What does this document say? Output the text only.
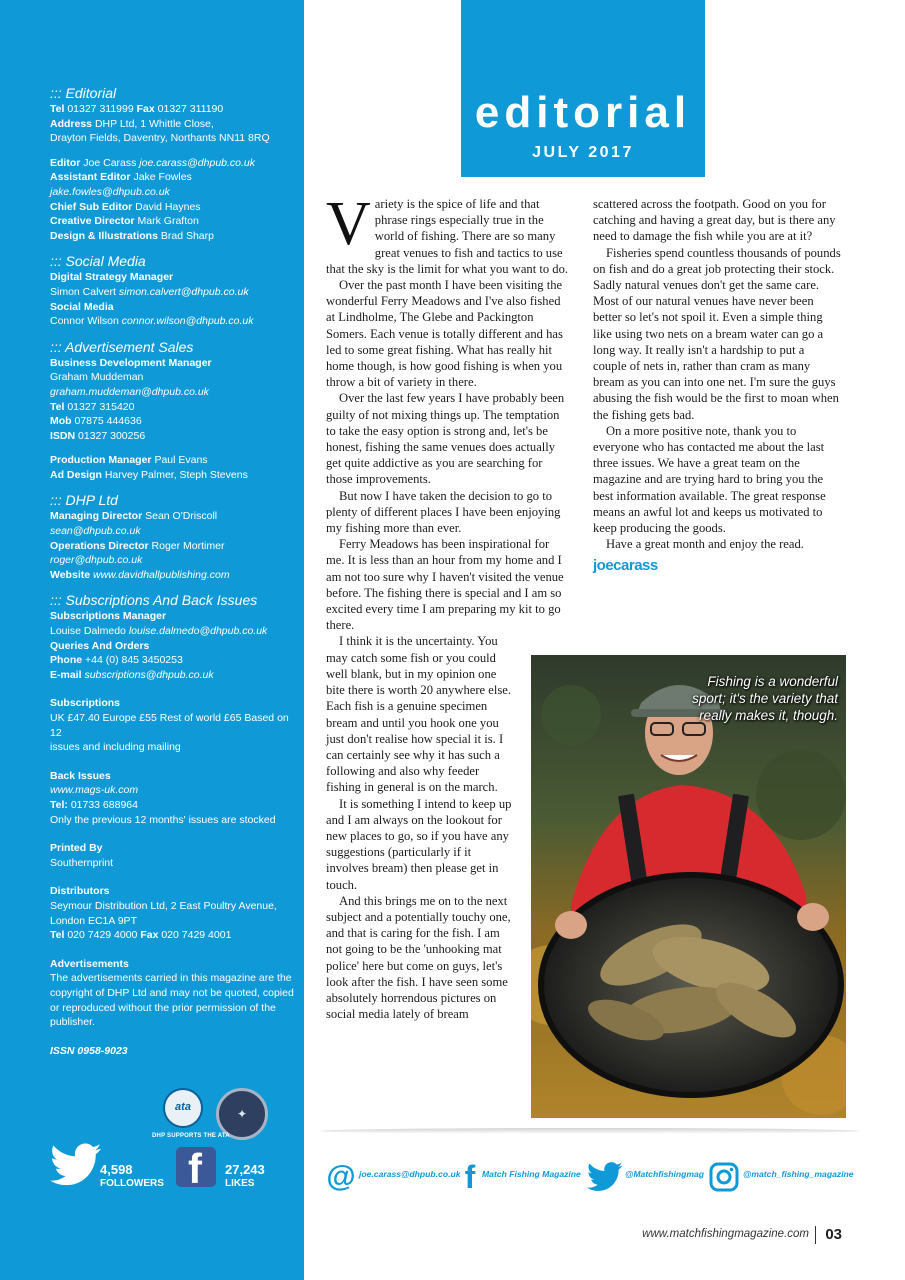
::: Editorial
Tel 01327 311999 Fax 01327 311190
Address DHP Ltd, 1 Whittle Close,
Drayton Fields, Daventry, Northants NN11 8RQ
Editor Joe Carass joe.carass@dhpub.co.uk
Assistant Editor Jake Fowles jake.fowles@dhpub.co.uk
Chief Sub Editor David Haynes
Creative Director Mark Grafton
Design & Illustrations Brad Sharp
::: Social Media
Digital Strategy Manager
Simon Calvert simon.calvert@dhpub.co.uk
Social Media
Connor Wilson connor.wilson@dhpub.co.uk
::: Advertisement Sales
Business Development Manager
Graham Muddeman graham.muddeman@dhpub.co.uk
Tel 01327 315420
Mob 07875 444636
ISDN 01327 300256
Production Manager Paul Evans
Ad Design Harvey Palmer, Steph Stevens
::: DHP Ltd
Managing Director Sean O'Driscoll sean@dhpub.co.uk
Operations Director Roger Mortimer roger@dhpub.co.uk
Website www.davidhallpublishing.com
::: Subscriptions And Back Issues
Subscriptions Manager
Louise Dalmedo louise.dalmedo@dhpub.co.uk
Queries And Orders
Phone +44 (0) 845 3450253
E-mail subscriptions@dhpub.co.uk
Subscriptions
UK £47.40 Europe £55 Rest of world £65 Based on 12
issues and including mailing
Back Issues
www.mags-uk.com
Tel: 01733 688964
Only the previous 12 months' issues are stocked
Printed By
Southernprint
Distributors
Seymour Distribution Ltd, 2 East Poultry Avenue,
London EC1A 9PT
Tel 020 7429 4000 Fax 020 7429 4001
Advertisements
The advertisements carried in this magazine are the
copyright of DHP Ltd and may not be quoted, copied
or reproduced without the prior permission of the
publisher.
ISSN 0958-9023
ata	✦
DHP SUPPORTS THE ATA
4,598
FOLLOWERS f 27,243
LIKES
editorial
JULY 2017

Variety is the spice of life and that phrase rings especially true in the world of fishing. There are so many great venues to fish and tactics to use that the sky is the limit for what you want to do.

Over the past month I have been visiting the wonderful Ferry Meadows and I've also fished at Lindholme, The Glebe and Packington Somers. Each venue is totally different and has led to some great fishing. What has really hit home though, is how good fishing is when you throw a bit of variety in there.

Over the last few years I have probably been guilty of not mixing things up. The temptation to take the easy option is strong and, let's be honest, fishing the same venues does actually get quite addictive as you are searching for those improvements.

But now I have taken the decision to go to plenty of different places I have been enjoying my fishing more than ever.

Ferry Meadows has been inspirational for me. It is less than an hour from my home and I am not too sure why I haven't visited the venue before. The fishing there is special and I am so excited every time I am preparing my kit to go there.

I think it is the uncertainty. You may catch some fish or you could well blank, but in my opinion one bite there is worth 20 anywhere else. Each fish is a genuine specimen bream and until you hook one you just don't realise how special it is. I can certainly see why it has such a following and also why feeder fishing in general is on the march.

It is something I intend to keep up and I am always on the lookout for new places to go, so if you have any suggestions (particularly if it involves bream) then please get in touch.

And this brings me on to the next subject and a potentially touchy one, and that is caring for the fish. I am not going to be the 'unhooking mat police' here but come on guys, let's look after the fish. I have seen some absolutely horrendous pictures on social media lately of bream

scattered across the footpath. Good on you for catching and having a great day, but is there any need to damage the fish while you are at it?

Fisheries spend countless thousands of pounds on fish and do a great job protecting their stock. Sadly natural venues don't get the same care. Most of our natural venues have never been better so let's not spoil it. Even a simple thing like using two nets on a bream water can go a long way. It really isn't a hardship to put a couple of nets in, rather than cram as many bream as you can into one net. I'm sure the guys abusing the fish would be the first to moan when the fishing gets bad.

On a more positive note, thank you to everyone who has contacted me about the last three issues. We have a great team on the magazine and are trying hard to bring you the best information available. The great response means an awful lot and keeps us motivated to keep producing the goods.

Have a great month and enjoy the read.

joecarass
Fishing is a wonderful sport; it's the variety that really makes it, though.
@ joe.carass@dhpub.co.uk f Match Fishing Magazine	@Matchfishingmag	@match_fishing_magazine
www.matchfishingmagazine.com 03
